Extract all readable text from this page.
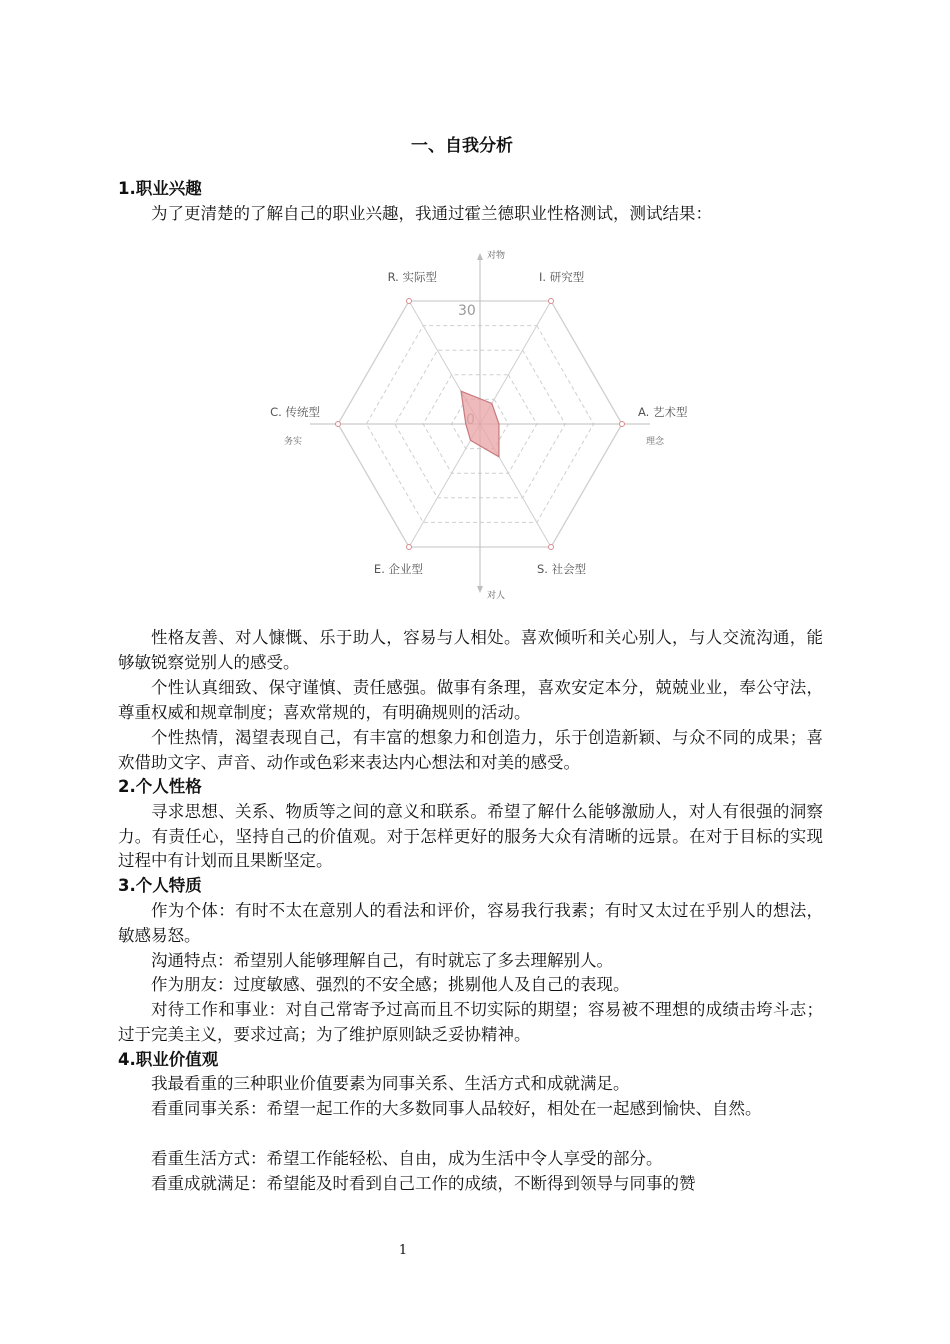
一、自我分析
1.职业兴趣
为了更清楚的了解自己的职业兴趣，我通过霍兰德职业性格测试，测试结果：
性格友善、对人慷慨、乐于助人，容易与人相处。喜欢倾听和关心别人，与人交流沟通，能够敏锐察觉别人的感受。
个性认真细致、保守谨慎、责任感强。做事有条理，喜欢安定本分，兢兢业业，奉公守法，尊重权威和规章制度；喜欢常规的，有明确规则的活动。
个性热情，渴望表现自己，有丰富的想象力和创造力，乐于创造新颖、与众不同的成果；喜欢借助文字、声音、动作或色彩来表达内心想法和对美的感受。
2.个人性格
寻求思想、关系、物质等之间的意义和联系。希望了解什么能够激励人，对人有很强的洞察力。有责任心，坚持自己的价值观。对于怎样更好的服务大众有清晰的远景。在对于目标的实现过程中有计划而且果断坚定。
3.个人特质
作为个体：有时不太在意别人的看法和评价，容易我行我素；有时又太过在乎别人的想法，敏感易怒。
沟通特点：希望别人能够理解自己，有时就忘了多去理解别人。
作为朋友：过度敏感、强烈的不安全感；挑剔他人及自己的表现。
对待工作和事业：对自己常寄予过高而且不切实际的期望；容易被不理想的成绩击垮斗志；过于完美主义，要求过高；为了维护原则缺乏妥协精神。
4.职业价值观
我最看重的三种职业价值要素为同事关系、生活方式和成就满足。
看重同事关系：希望一起工作的大多数同事人品较好，相处在一起感到愉快、自然。
看重生活方式：希望工作能轻松、自由，成为生活中令人享受的部分。
看重成就满足：希望能及时看到自己工作的成绩，不断得到领导与同事的赞
对物
对人
务实	理念
30
I. 研究型
A. 艺术型
S. 社会型
E. 企业型
C. 传统型
R. 实际型
1
